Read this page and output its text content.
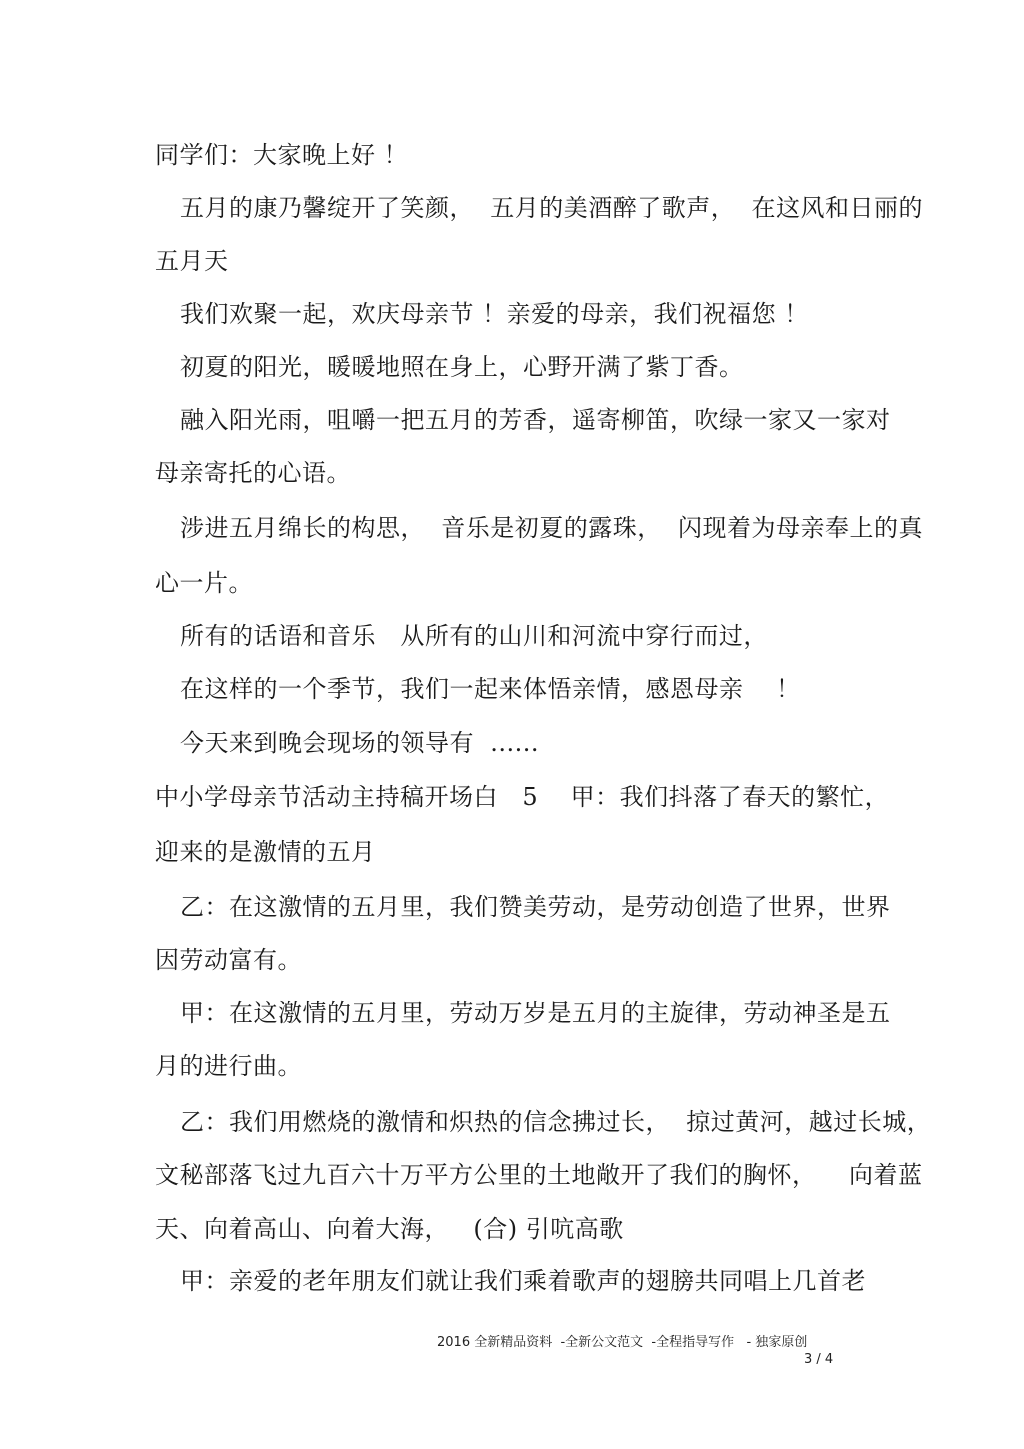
同学们：大家晚上好 ！
五月的康乃馨绽开了笑颜，  五月的美酒醉了歌声，  在这风和日丽的
五月天
我们欢聚一起，欢庆母亲节 ！亲爱的母亲，我们祝福您 ！
初夏的阳光，暖暖地照在身上，心野开满了紫丁香。
融入阳光雨，咀嚼一把五月的芳香，遥寄柳笛，吹绿一家又一家对
母亲寄托的心语。
涉进五月绵长的构思，  音乐是初夏的露珠，  闪现着为母亲奉上的真
心一片。
所有的话语和音乐   从所有的山川和河流中穿行而过，
在这样的一个季节，我们一起来体悟亲情，感恩母亲    ！
今天来到晚会现场的领导有  ......
中小学母亲节活动主持稿开场白   5    甲：我们抖落了春天的繁忙，
迎来的是激情的五月
乙：在这激情的五月里，我们赞美劳动，是劳动创造了世界，世界
因劳动富有。
甲：在这激情的五月里，劳动万岁是五月的主旋律，劳动神圣是五
月的进行曲。
乙：我们用燃烧的激情和炽热的信念拂过长，  掠过黄河，越过长城，
文秘部落飞过九百六十万平方公里的土地敞开了我们的胸怀，    向着蓝
天、向着高山、向着大海，   (合) 引吭高歌
甲：亲爱的老年朋友们就让我们乘着歌声的翅膀共同唱上几首老
2016 全新精品资料  -全新公文范文  -全程指导写作   - 独家原创
3 / 4
